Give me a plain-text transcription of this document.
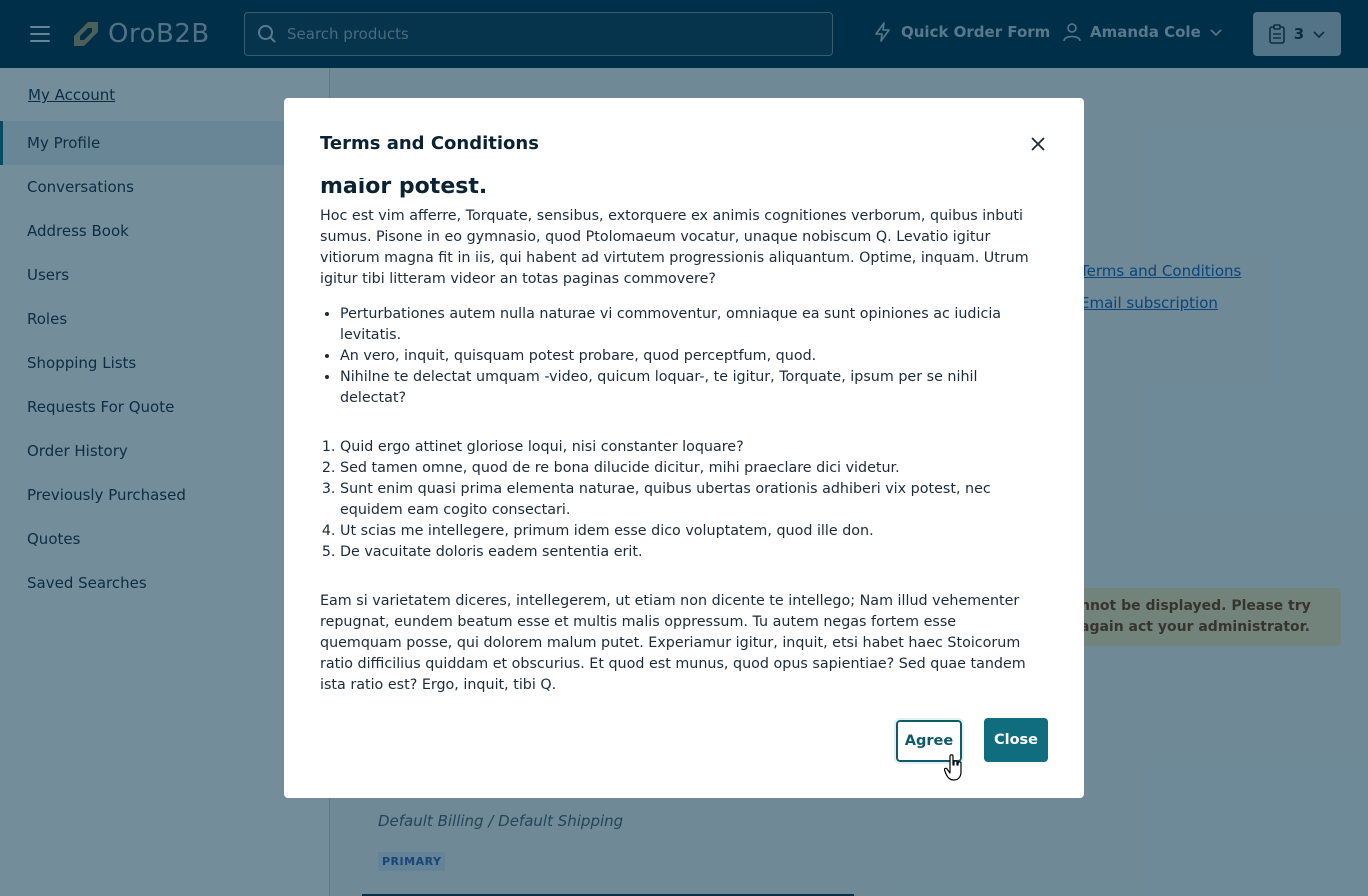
Search products
Terms and Conditions
maior potest.

Hoc est vim afferre, Torquate, sensibus, extorquere ex animis cognitiones verborum, quibus inbuti sumus. Pisone in eo gymnasio, quod Ptolomaeum vocatur, unaque nobiscum Q. Levatio igitur vitiorum magna fit in iis, qui habent ad virtutem progressionis aliquantum. Optime, inquam. Utrum igitur tibi litteram videor an totas paginas commovere?

• Perturbationes autem nulla naturae vi commoventur, omniaque ea sunt opiniones ac iudicia levitatis.
• An vero, inquit, quisquam potest probare, quod perceptfum, quod.
• Nihilne te delectat umquam -video, quicum loquar-, te igitur, Torquate, ipsum per se nihil delectat?
1. Quid ergo attinet gloriose loqui, nisi constanter loquare?
2. Sed tamen omne, quod de re bona dilucide dicitur, mihi praeclare dici videtur.
3. Sunt enim quasi prima elementa naturae, quibus ubertas orationis adhiberi vix potest, nec equidem eam cogito consectari.
4. Ut scias me intellegere, primum idem esse dico voluptatem, quod ille don.
5. De vacuitate doloris eadem sententia erit.

Eam si varietatem diceres, intellegerem, ut etiam non dicente te intellego; Nam illud vehementer repugnat, eundem beatum esse et multis malis oppressum. Tu autem negas fortem esse quemquam posse, qui dolorem malum putet. Experiamur igitur, inquit, etsi habet haec Stoicorum ratio difficilius quiddam et obscurius. Et quod est munus, quod opus sapientiae? Sed quae tandem ista ratio est? Ergo, inquit, tibi Q.

Agree	Close
